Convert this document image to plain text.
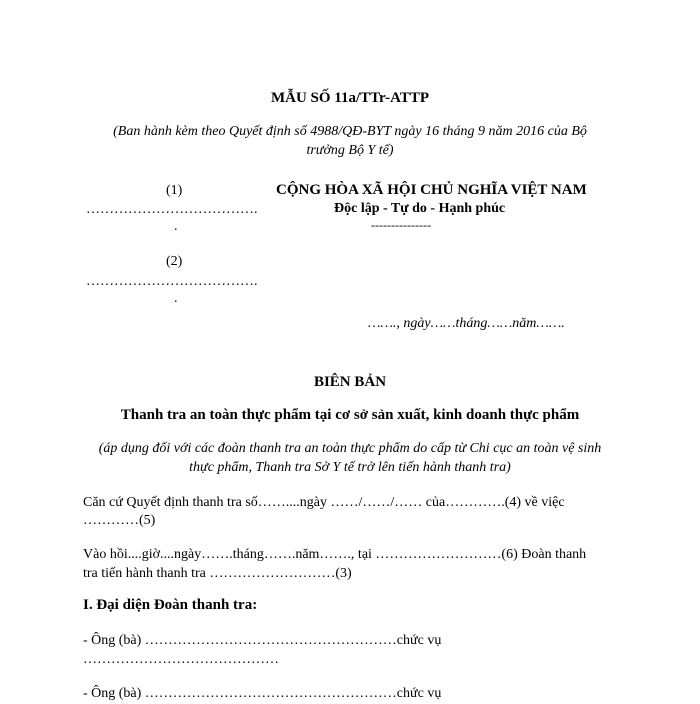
MẪU SỐ 11a/TTr-ATTP
(Ban hành kèm theo Quyết định số 4988/QĐ-BYT ngày 16 tháng 9 năm 2016 của Bộ
trưởng Bộ Y tế)
(1)
……………………………….
.
(2)
……………………………….
.
CỘNG HÒA XÃ HỘI CHỦ NGHĨA VIỆT NAM
Độc lập - Tự do - Hạnh phúc
---------------
……., ngày……tháng……năm…….
BIÊN BẢN
Thanh tra an toàn thực phẩm tại cơ sở sản xuất, kinh doanh thực phẩm
(áp dụng đối với các đoàn thanh tra an toàn thực phẩm do cấp từ Chi cục an toàn vệ sinh
thực phẩm, Thanh tra Sở Y tế trở lên tiến hành thanh tra)
Căn cứ Quyết định thanh tra số……....ngày ……/……/…… của………….(4) về việc
…………(5)
Vào hồi....giờ....ngày…….tháng…….năm……., tại ………………………(6) Đoàn thanh
tra tiến hành thanh tra ………………………(3)
I. Đại diện Đoàn thanh tra:
- Ông (bà) ………………………………………………chức vụ
……………………………………
- Ông (bà) ………………………………………………chức vụ
